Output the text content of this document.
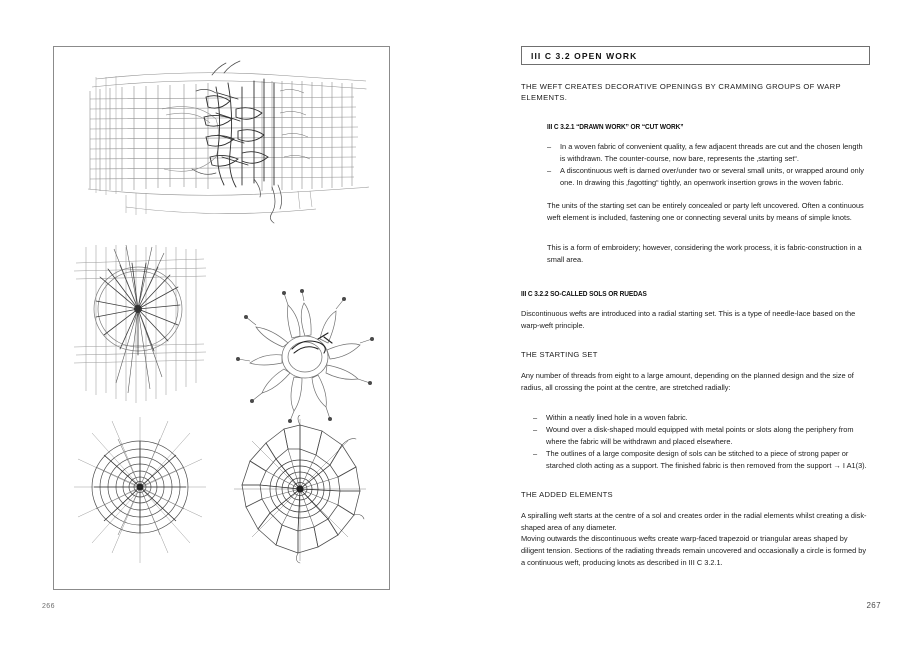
266
III C 3.2 OPEN WORK
THE WEFT CREATES DECORATIVE OPENINGS BY CRAMMING GROUPS OF WARP ELEMENTS.
III C 3.2.1 “DRAWN WORK” OR “CUT WORK”
– In a woven fabric of convenient quality, a few adjacent threads are cut and the chosen length is withdrawn. The counter-course, now bare, represents the ‚starting set“.
– A discontinuous weft is darned over/under two or several small units, or wrapped around only one. In drawing this ‚fagotting“ tightly, an openwork insertion grows in the woven fabric.

The units of the starting set can be entirely concealed or party left uncovered. Often a continuous weft element is included, fastening one or connecting several units by means of simple knots.

This is a form of embroidery; however, considering the work process, it is fabric-construction in a small area.

III C 3.2.2 SO-CALLED SOLS OR RUEDAS

Discontinuous wefts are introduced into a radial starting set. This is a type of needle-lace based on the warp-weft principle.

THE STARTING SET

Any number of threads from eight to a large amount, depending on the planned design and the size of radius, all crossing the point at the centre, are stretched radially:

– Within a neatly lined hole in a woven fabric.
– Wound over a disk-shaped mould equipped with metal points or slots along the periphery from where the fabric will be withdrawn and placed elsewhere.
– The outlines of a large composite design of sols can be stitched to a piece of strong paper or starched cloth acting as a support. The finished fabric is then removed from the support → I A1(3).
THE ADDED ELEMENTS

A spiralling weft starts at the centre of a sol and creates order in the radial elements whilst creating a disk-shaped area of any diameter.

Moving outwards the discontinuous wefts create warp-faced trapezoid or triangular areas shaped by diligent tension. Sections of the radiating threads remain uncovered and occasionally a circle is formed by a continuous weft, producing knots as described in III C 3.2.1.

267
